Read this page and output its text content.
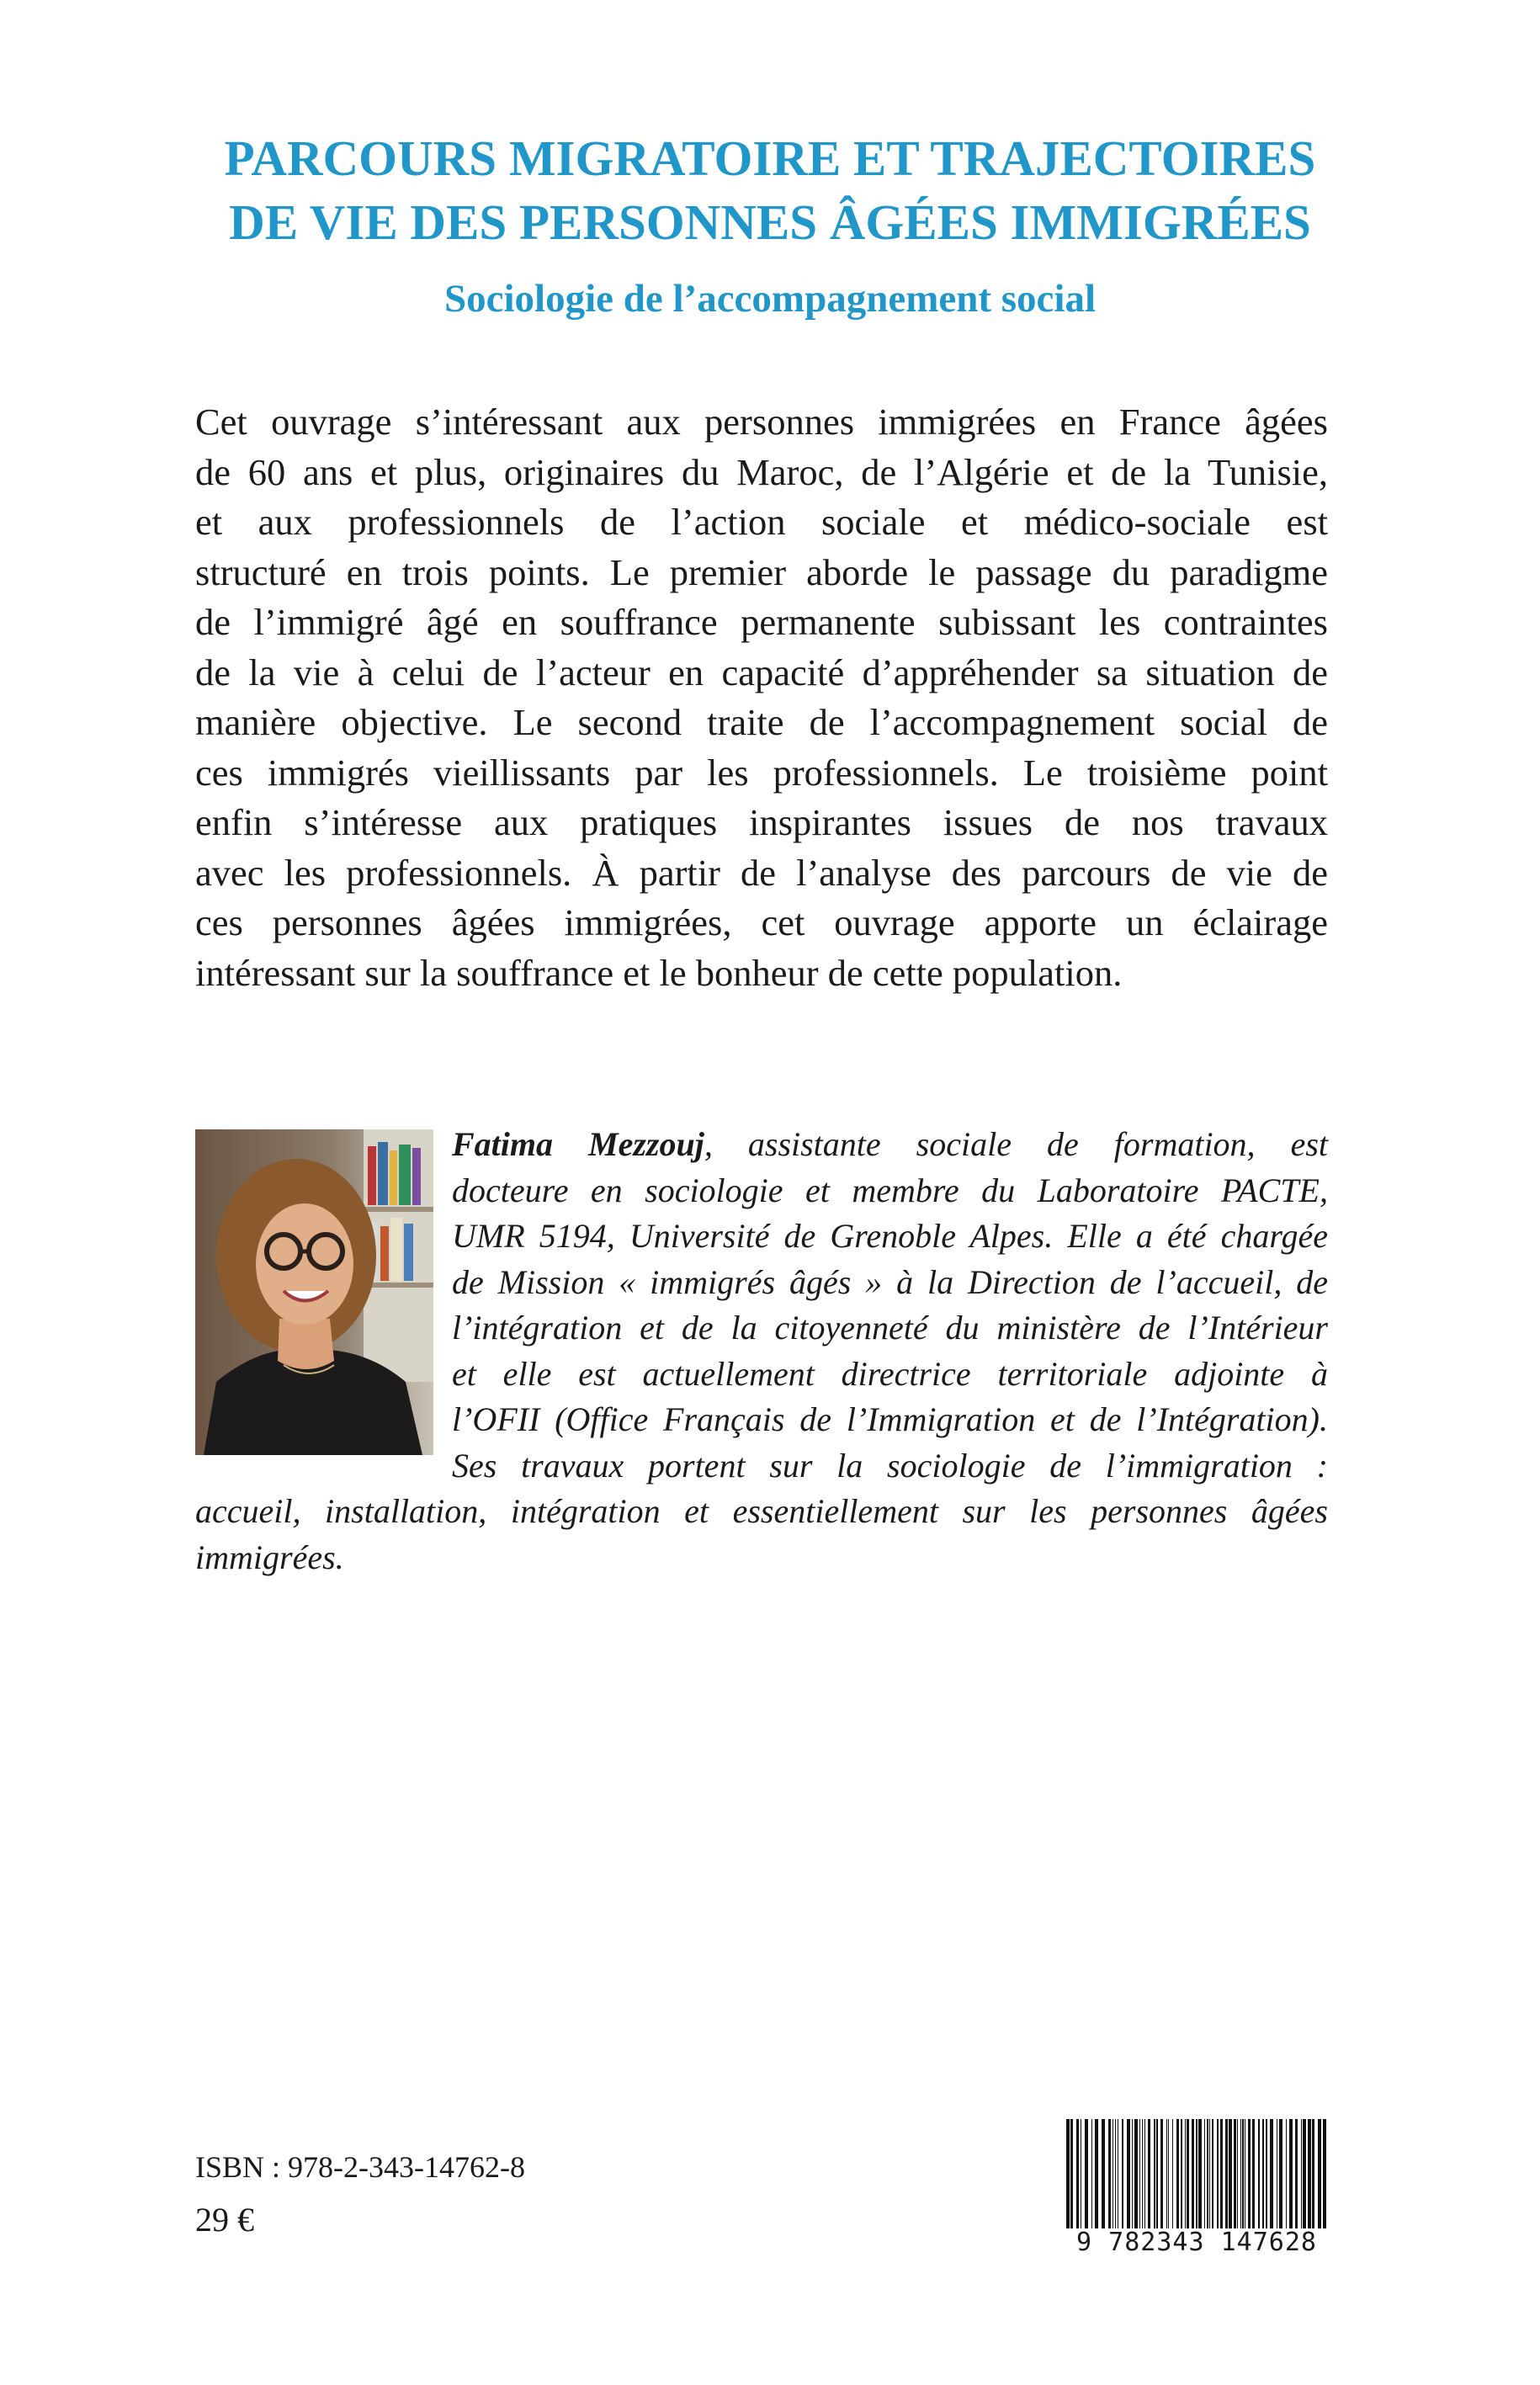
PARCOURS MIGRATOIRE ET TRAJECTOIRES
DE VIE DES PERSONNES ÂGÉES IMMIGRÉES
Sociologie de l’accompagnement social

Cet ouvrage s’intéressant aux personnes immigrées en France âgées
de 60 ans et plus, originaires du Maroc, de l’Algérie et de la Tunisie,
et aux professionnels de l’action sociale et médico-sociale est
structuré en trois points. Le premier aborde le passage du paradigme
de l’immigré âgé en souffrance permanente subissant les contraintes
de la vie à celui de l’acteur en capacité d’appréhender sa situation de
manière objective. Le second traite de l’accompagnement social de
ces immigrés vieillissants par les professionnels. Le troisième point
enfin s’intéresse aux pratiques inspirantes issues de nos travaux
avec les professionnels. À partir de l’analyse des parcours de vie de
ces personnes âgées immigrées, cet ouvrage apporte un éclairage
intéressant sur la souffrance et le bonheur de cette population.

Fatima Mezzouj, assistante sociale de formation, est
docteure en sociologie et membre du Laboratoire PACTE,
UMR 5194, Université de Grenoble Alpes. Elle a été chargée
de Mission « immigrés âgés » à la Direction de l’accueil, de
l’intégration et de la citoyenneté du ministère de l’Intérieur
et elle est actuellement directrice territoriale adjointe à
l’OFII (Office Français de l’Immigration et de l’Intégration).
Ses travaux portent sur la sociologie de l’immigration :
accueil, installation, intégration et essentiellement sur les personnes âgées
immigrées.

ISBN : 978-2-343-14762-8

29 €

9 782343 147628
